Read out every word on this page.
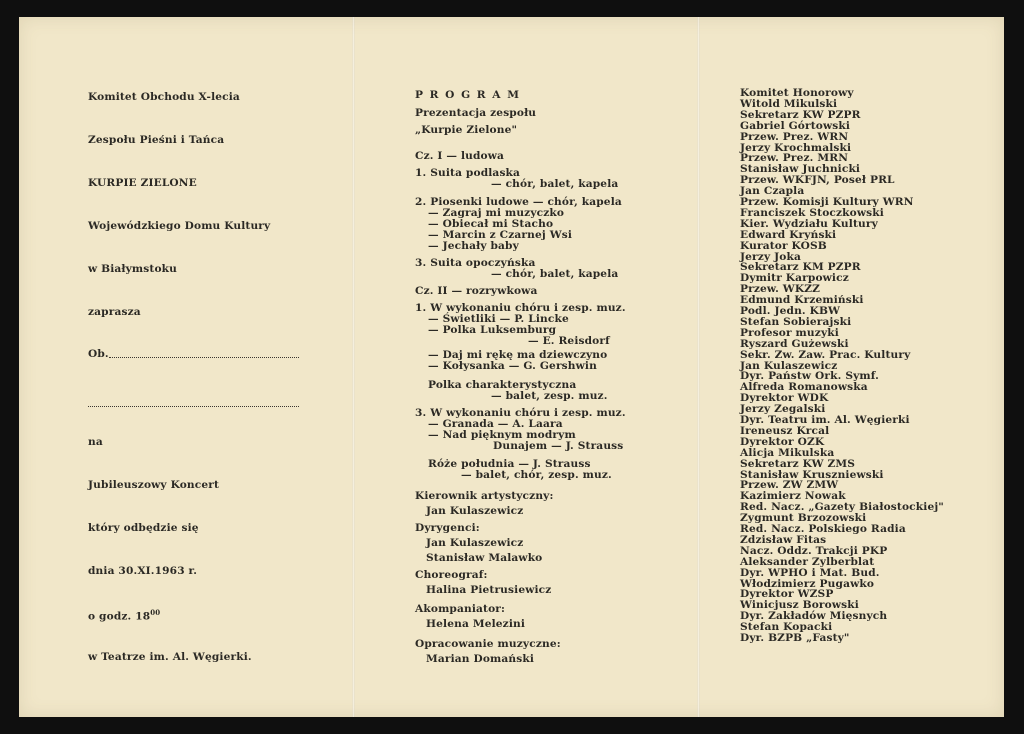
Komitet Obchodu X-lecia
Zespołu Pieśni i Tańca
KURPIE ZIELONE
Wojewódzkiego Domu Kultury
w Białymstoku
zaprasza
Ob.
na
Jubileuszowy Koncert
który odbędzie się
dnia 30.XI.1963 r.
o godz. $18^{00}$
w Teatrze im. Al. Węgierki.
P R O G R A M
Prezentacja zespołu
„Kurpie Zielone"
Cz. I — ludowa
1. Suita podlaska
— chór, balet, kapela
2. Piosenki ludowe — chór, kapela
— Zagraj mi muzyczko
— Obiecał mi Stacho
— Marcin z Czarnej Wsi
— Jechały baby
3. Suita opoczyńska
— chór, balet, kapela
Cz. II — rozrywkowa
1. W wykonaniu chóru i zesp. muz.
— Świetliki — P. Lincke
— Polka Luksemburg
— E. Reisdorf
— Daj mi rękę ma dziewczyno
— Kołysanka — G. Gershwin
Polka charakterystyczna
— balet, zesp. muz.
3. W wykonaniu chóru i zesp. muz.
— Granada — A. Laara
— Nad pięknym modrym
Dunajem — J. Strauss
Róże południa — J. Strauss
— balet, chór, zesp. muz.
Kierownik artystyczny:
Jan Kulaszewicz
Dyrygenci:
Jan Kulaszewicz
Stanisław Malawko
Choreograf:
Halina Pietrusiewicz
Akompaniator:
Helena Melezini
Opracowanie muzyczne:
Marian Domański
Komitet Honorowy
Witold Mikulski
Sekretarz KW PZPR
Gabriel Górtowski
Przew. Prez. WRN
Jerzy Krochmalski
Przew. Prez. MRN
Stanisław Juchnicki
Przew. WKFJN, Poseł PRL
Jan Czapla
Przew. Komisji Kultury WRN
Franciszek Stoczkowski
Kier. Wydziału Kultury
Edward Kryński
Kurator KOSB
Jerzy Joka
Sekretarz KM PZPR
Dymitr Karpowicz
Przew. WKZZ
Edmund Krzemiński
Podl. Jedn. KBW
Stefan Sobierajski
Profesor muzyki
Ryszard Gużewski
Sekr. Zw. Zaw. Prac. Kultury
Jan Kulaszewicz
Dyr. Państw Ork. Symf.
Alfreda Romanowska
Dyrektor WDK
Jerzy Zegalski
Dyr. Teatru im. Al. Węgierki
Ireneusz Krcal
Dyrektor OZK
Alicja Mikulska
Sekretarz KW ZMS
Stanisław Kruszniewski
Przew. ZW ZMW
Kazimierz Nowak
Red. Nacz. „Gazety Białostockiej"
Zygmunt Brzozowski
Red. Nacz. Polskiego Radia
Zdzisław Fitas
Nacz. Oddz. Trakcji PKP
Aleksander Zylberblat
Dyr. WPHO i Mat. Bud.
Włodzimierz Pugawko
Dyrektor WZSP
Winicjusz Borowski
Dyr. Zakładów Mięsnych
Stefan Kopacki
Dyr. BZPB „Fasty"
